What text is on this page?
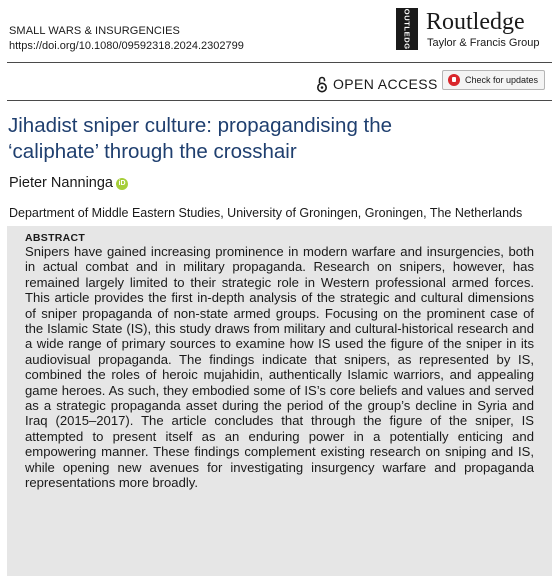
SMALL WARS & INSURGENCIES
https://doi.org/10.1080/09592318.2024.2302799	ROUTLEDGE Routledge
Taylor & Francis Group
OPEN ACCESS	Check for updates
Jihadist sniper culture: propagandising the
‘caliphate’ through the crosshair
Pieter Nanninga iD
Department of Middle Eastern Studies, University of Groningen, Groningen, The Netherlands
ABSTRACT

Snipers have gained increasing prominence in modern warfare and insurgencies, both in actual combat and in military propaganda. Research on snipers, however, has remained largely limited to their strategic role in Western professional armed forces. This article provides the first in-depth analysis of the strategic and cultural dimensions of sniper propaganda of non-state armed groups. Focusing on the prominent case of the Islamic State (IS), this study draws from military and cultural-historical research and a wide range of primary sources to examine how IS used the figure of the sniper in its audiovisual propaganda. The findings indicate that snipers, as represented by IS, combined the roles of heroic mujahidin, authentically Islamic warriors, and appealing game heroes. As such, they embodied some of IS’s core beliefs and values and served as a strategic propaganda asset during the period of the group’s decline in Syria and Iraq (2015–2017). The article concludes that through the figure of the sniper, IS attempted to present itself as an enduring power in a potentially enticing and empowering manner. These findings complement existing research on sniping and IS, while opening new avenues for investigating insurgency warfare and propaganda representations more broadly.
